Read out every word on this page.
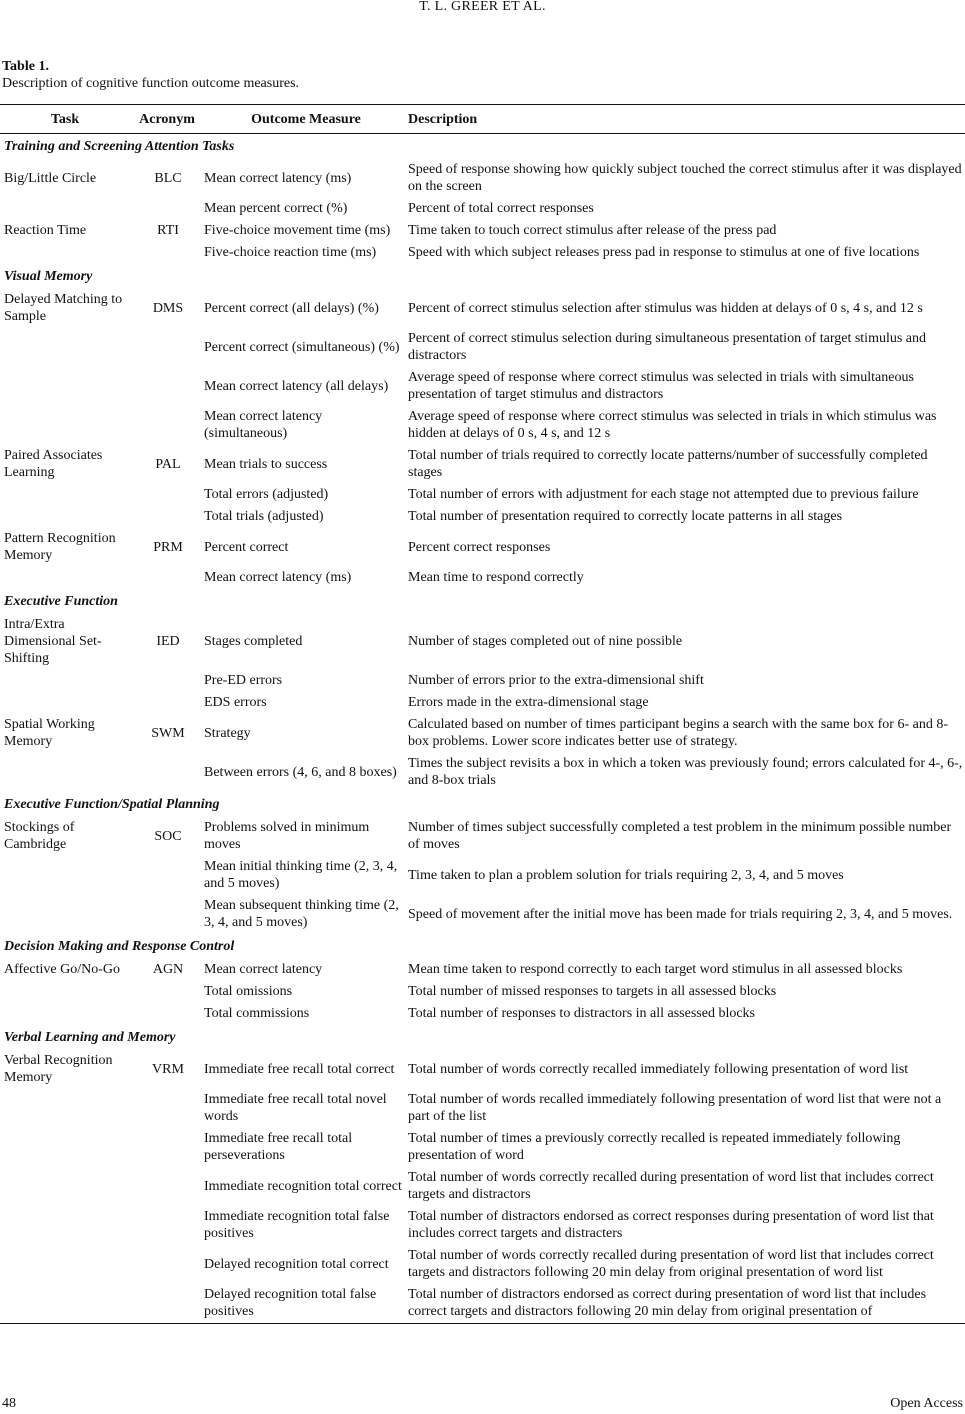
T. L. GREER ET AL.
Table 1.
Description of cognitive function outcome measures.
Task	Acronym	Outcome Measure	Description
Training and Screening Attention Tasks			
Big/Little Circle	BLC	Mean correct latency (ms)	Speed of response showing how quickly subject touched the correct stimulus after it was displayed on the screen
		Mean percent correct (%)	Percent of total correct responses
Reaction Time	RTI	Five-choice movement time (ms)	Time taken to touch correct stimulus after release of the press pad
		Five-choice reaction time (ms)	Speed with which subject releases press pad in response to stimulus at one of five locations
Visual Memory			
Delayed Matching to Sample	DMS	Percent correct (all delays) (%)	Percent of correct stimulus selection after stimulus was hidden at delays of 0 s, 4 s, and 12 s
		Percent correct (simultaneous) (%)	Percent of correct stimulus selection during simultaneous presentation of target stimulus and distractors
		Mean correct latency (all delays)	Average speed of response where correct stimulus was selected in trials with simultaneous presentation of target stimulus and distractors
		Mean correct latency (simultaneous)	Average speed of response where correct stimulus was selected in trials in which stimulus was hidden at delays of 0 s, 4 s, and 12 s
Paired Associates Learning	PAL	Mean trials to success	Total number of trials required to correctly locate patterns/number of successfully completed stages
		Total errors (adjusted)	Total number of errors with adjustment for each stage not attempted due to previous failure
		Total trials (adjusted)	Total number of presentation required to correctly locate patterns in all stages
Pattern Recognition Memory	PRM	Percent correct	Percent correct responses
		Mean correct latency (ms)	Mean time to respond correctly
Executive Function			
Intra/Extra Dimensional Set-Shifting	IED	Stages completed	Number of stages completed out of nine possible
		Pre-ED errors	Number of errors prior to the extra-dimensional shift
		EDS errors	Errors made in the extra-dimensional stage
Spatial Working Memory	SWM	Strategy	Calculated based on number of times participant begins a search with the same box for 6- and 8-box problems. Lower score indicates better use of strategy.
		Between errors (4, 6, and 8 boxes)	Times the subject revisits a box in which a token was previously found; errors calculated for 4-, 6-, and 8-box trials
Executive Function/Spatial Planning			
Stockings of Cambridge	SOC	Problems solved in minimum moves	Number of times subject successfully completed a test problem in the minimum possible number of moves
		Mean initial thinking time (2, 3, 4, and 5 moves)	Time taken to plan a problem solution for trials requiring 2, 3, 4, and 5 moves
		Mean subsequent thinking time (2, 3, 4, and 5 moves)	Speed of movement after the initial move has been made for trials requiring 2, 3, 4, and 5 moves.
Decision Making and Response Control			
Affective Go/No-Go	AGN	Mean correct latency	Mean time taken to respond correctly to each target word stimulus in all assessed blocks
		Total omissions	Total number of missed responses to targets in all assessed blocks
		Total commissions	Total number of responses to distractors in all assessed blocks
Verbal Learning and Memory			
Verbal Recognition Memory	VRM	Immediate free recall total correct	Total number of words correctly recalled immediately following presentation of word list
		Immediate free recall total novel words	Total number of words recalled immediately following presentation of word list that were not a part of the list
		Immediate free recall total perseverations	Total number of times a previously correctly recalled is repeated immediately following presentation of word
		Immediate recognition total correct	Total number of words correctly recalled during presentation of word list that includes correct targets and distractors
		Immediate recognition total false positives	Total number of distractors endorsed as correct responses during presentation of word list that includes correct targets and distracters
		Delayed recognition total correct	Total number of words correctly recalled during presentation of word list that includes correct targets and distractors following 20 min delay from original presentation of word list
		Delayed recognition total false positives	Total number of distractors endorsed as correct during presentation of word list that includes correct targets and distractors following 20 min delay from original presentation of
48	Open Access
